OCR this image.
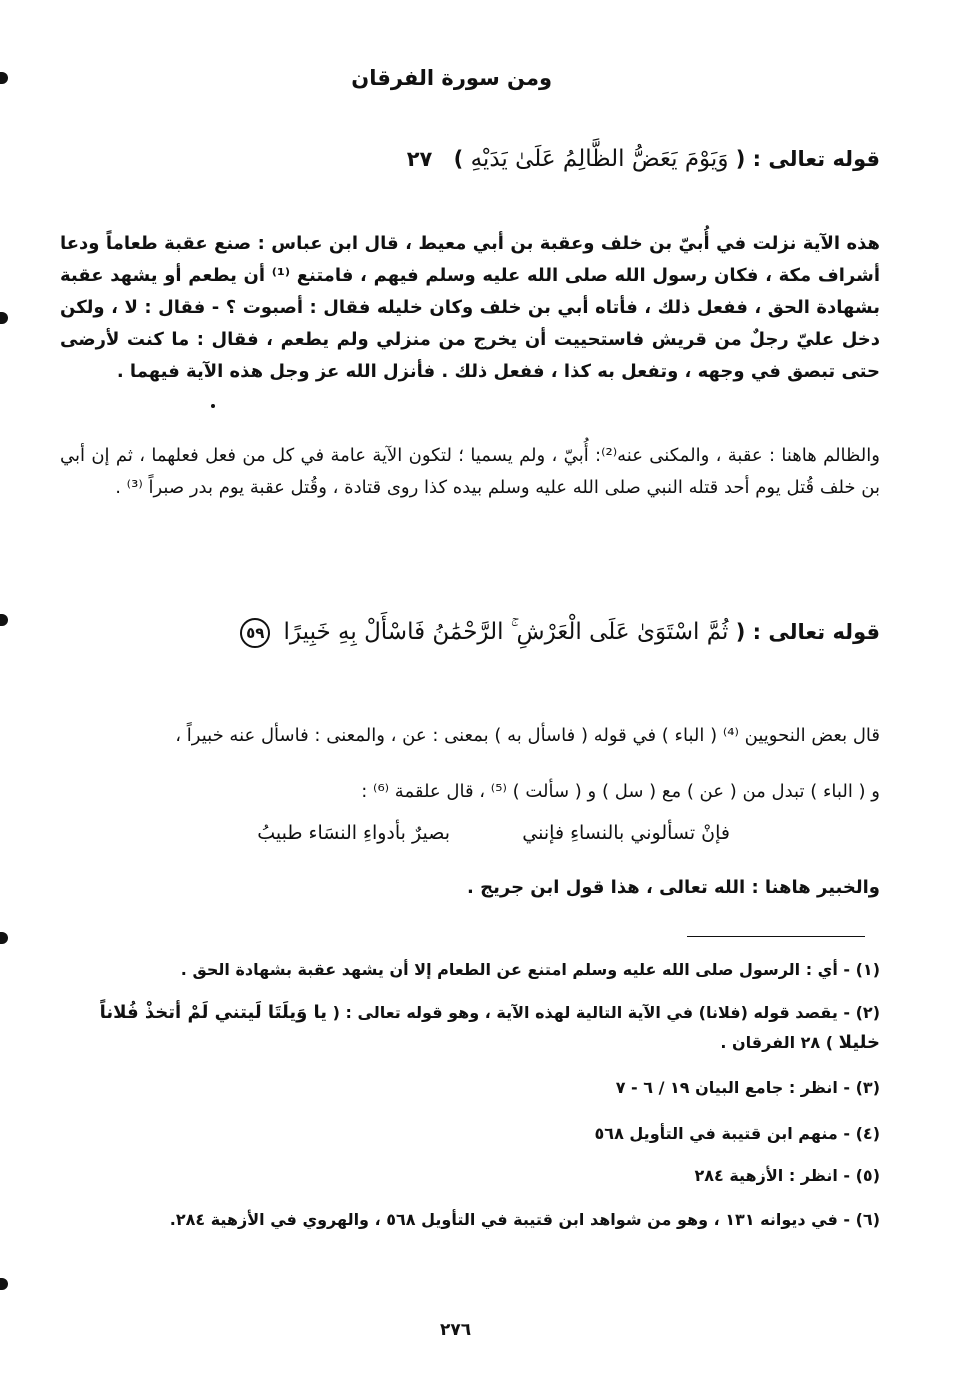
ومن سورة الفرقان
قوله تعالى : ( وَيَوْمَ يَعَضُّ الظَّالِمُ عَلَىٰ يَدَيْهِ ) ٢٧
هذه الآية نزلت في أُبيّ بن خلف وعقبة بن أبي معيط ، قال ابن عباس : صنع عقبة طعاماً ودعا أشراف مكة ، فكان رسول الله صلى الله عليه وسلم فيهم ، فامتنع ⁽¹⁾ أن يطعم أو يشهد عقبة بشهادة الحق ، ففعل ذلك ، فأتاه أبي بن خلف وكان خليله فقال : أصبوت ؟ - فقال : لا ، ولكن دخل عليّ رجلٌ من قريش فاستحييت أن يخرج من منزلي ولم يطعم ، فقال : ما كنت لأرضى حتى تبصق في وجهه ، وتفعل به كذا ، ففعل ذلك . فأنزل الله عز وجل هذه الآية فيهما .
والظالم هاهنا : عقبة ، والمكنى عنه⁽²⁾: أُبيّ ، ولم يسميا ؛ لتكون الآية عامة في كل من فعل فعلهما ، ثم إن أبي بن خلف قُتل يوم أحد قتله النبي صلى الله عليه وسلم بيده كذا روى قتادة ، وقُتل عقبة يوم بدر صبراً ⁽³⁾ .
قوله تعالى : ( ثُمَّ اسْتَوَىٰ عَلَى الْعَرْشِ ۚ الرَّحْمَٰنُ فَاسْأَلْ بِهِ خَبِيرًا ٥٩
قال بعض النحويين ⁽⁴⁾ ( الباء ) في قوله ( فاسأل به ) بمعنى : عن ، والمعنى : فاسأل عنه خبيراً ،
و ( الباء ) تبدل من ( عن ) مع ( سل ) و ( سألت ) ⁽⁵⁾ ، قال علقمة ⁽⁶⁾ :
فإنْ تسألوني بالنساءِ فإنني
بصيرٌ بأدواءِ النسَاء طبيبُ
والخبير هاهنا : الله تعالى ، هذا قول ابن جريج .
(١) - أي : الرسول صلى الله عليه وسلم امتنع عن الطعام إلا أن يشهد عقبة بشهادة الحق .
(٢) - يقصد قوله (فلانا) في الآية التالية لهذه الآية ، وهو قوله تعالى : ( يا وَيلَتَا لَيتني لَمْ أتخذْ فُلاناً خليلا ) ٢٨ الفرقان .
(٣) - انظر : جامع البيان ١٩ / ٦ - ٧
(٤) - منهم ابن قتيبة في التأويل ٥٦٨
(٥) - انظر : الأزهية ٢٨٤
(٦) - في ديوانه ١٣١ ، وهو من شواهد ابن قتيبة في التأويل ٥٦٨ ، والهروي في الأزهية ٢٨٤.
٢٧٦
